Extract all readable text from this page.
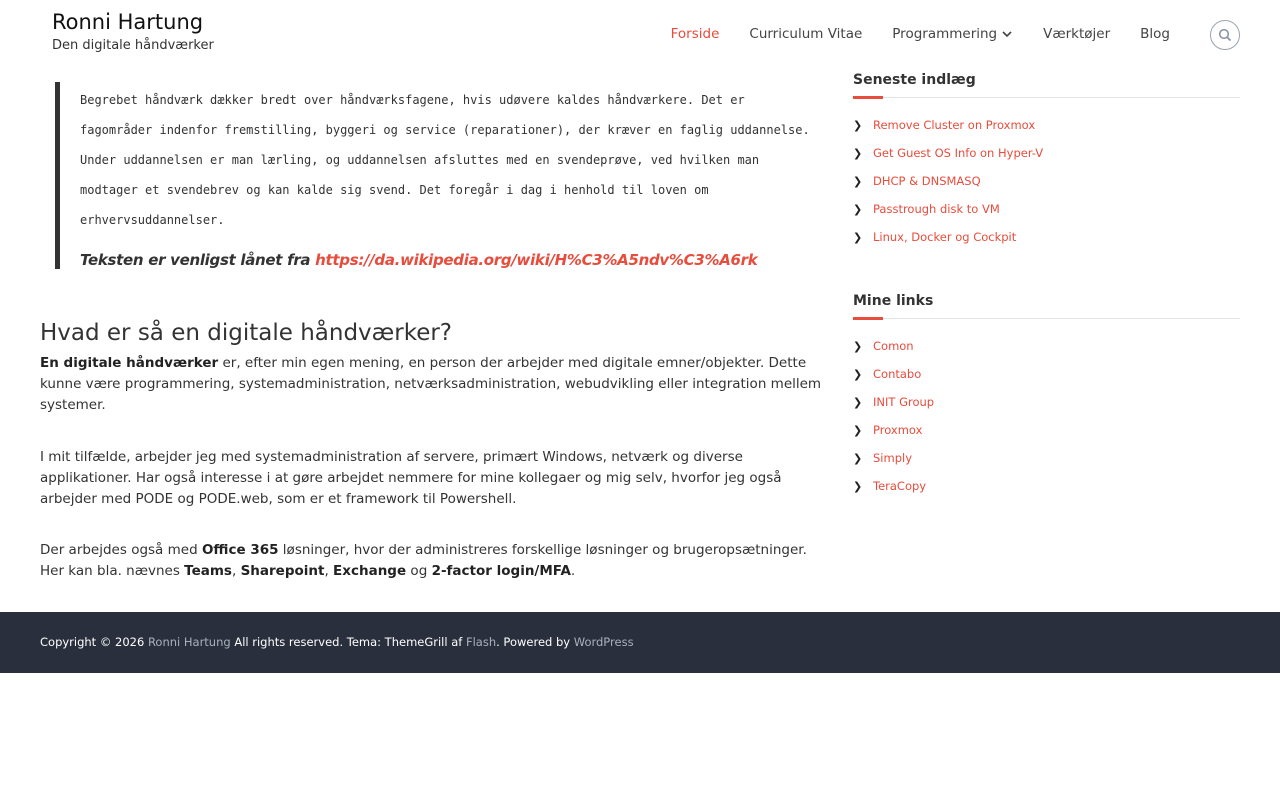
Ronni Hartung
Den digitale håndværker
Forside Curriculum Vitae Programmering	Værktøjer Blog
Begrebet håndværk dækker bredt over håndværksfagene, hvis udøvere kaldes håndværkere. Det er fagområder indenfor fremstilling, byggeri og service (reparationer), der kræver en faglig uddannelse. Under uddannelsen er man lærling, og uddannelsen afsluttes med en svendeprøve, ved hvilken man modtager et svendebrev og kan kalde sig svend. Det foregår i dag i henhold til loven om erhvervsuddannelser.
Teksten er venligst lånet fra https://da.wikipedia.org/wiki/H%C3%A5ndv%C3%A6rk
Hvad er så en digitale håndværker?

En digitale håndværker er, efter min egen mening, en person der arbejder med digitale emner/objekter. Dette kunne være programmering, systemadministration, netværksadministration, webudvikling eller integration mellem systemer.

I mit tilfælde, arbejder jeg med systemadministration af servere, primært Windows, netværk og diverse applikationer. Har også interesse i at gøre arbejdet nemmere for mine kollegaer og mig selv, hvorfor jeg også arbejder med PODE og PODE.web, som er et framework til Powershell.

Der arbejdes også med Office 365 løsninger, hvor der administreres forskellige løsninger og brugeropsætninger. Her kan bla. nævnes Teams, Sharepoint, Exchange og 2-factor login/MFA.

Seneste indlæg
❯ Remove Cluster on Proxmox
❯ Get Guest OS Info on Hyper-V
❯ DHCP & DNSMASQ
❯ Passtrough disk to VM
❯ Linux, Docker og Cockpit
Mine links
❯ Comon
❯ Contabo
❯ INIT Group
❯ Proxmox
❯ Simply
❯ TeraCopy
Copyright © 2026 Ronni Hartung All rights reserved. Tema: ThemeGrill af Flash. Powered by WordPress
